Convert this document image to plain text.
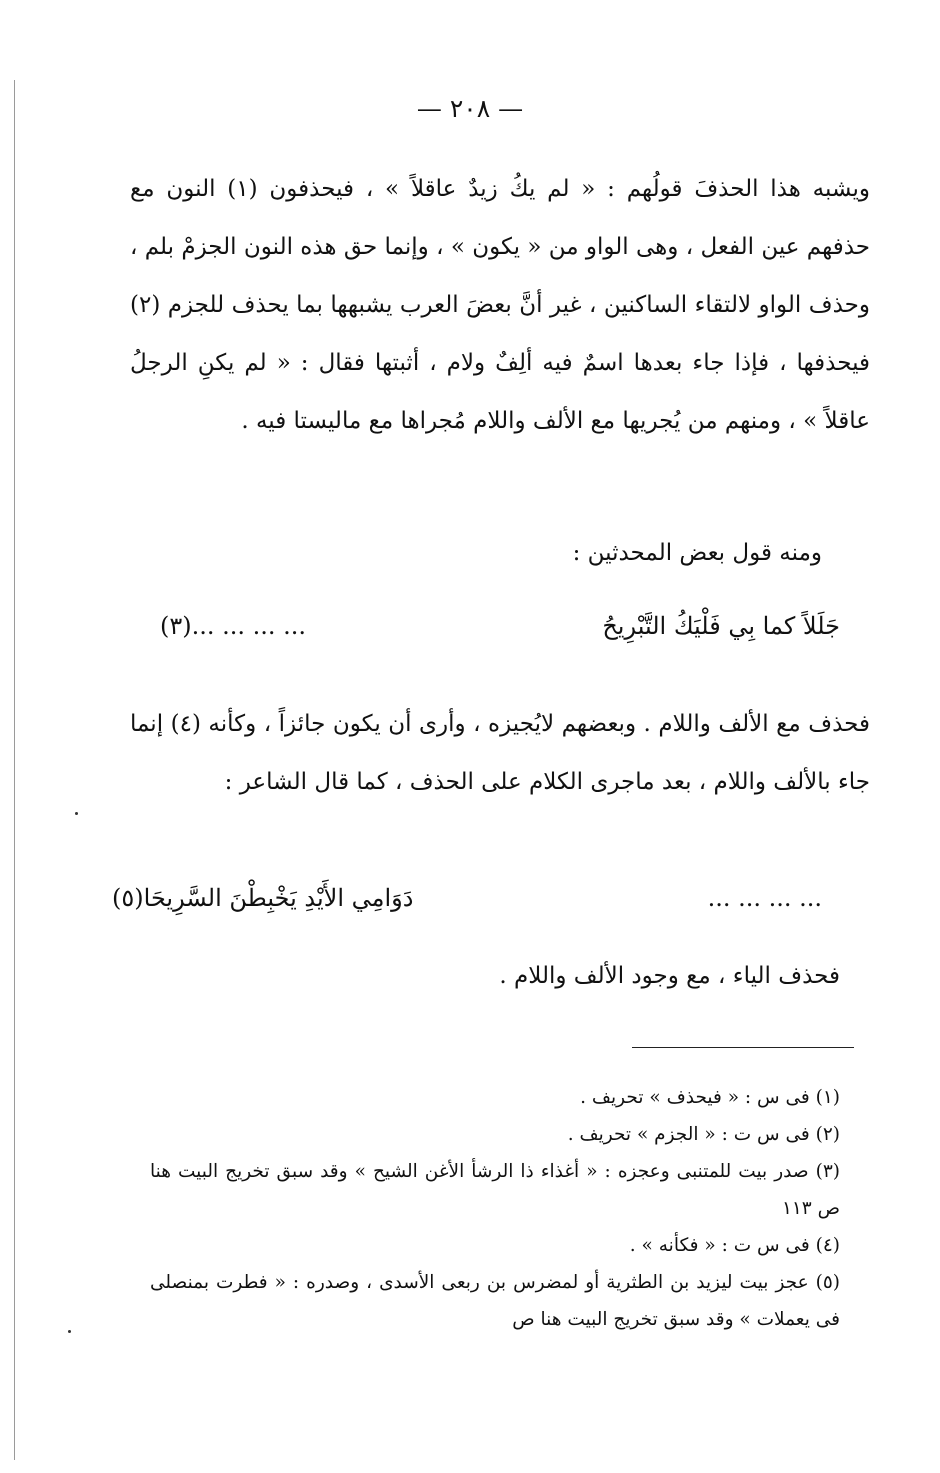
— ٢٠٨ —
ويشبه هذا الحذفَ قولُهم : « لم يكُ زيدٌ عاقلاً » ، فيحذفون (١) النون مع حذفهم عين الفعل ، وهى الواو من « يكون » ، وإنما حق هذه النون الجزمْ بلم ، وحذف الواو لالتقاء الساكنين ، غير أنَّ بعضَ العرب يشبهها بما يحذف للجزم (٢) فيحذفها ، فإذا جاء بعدها اسمٌ فيه ألِفٌ ولام ، أثبتها فقال : « لم يكنِ الرجلُ عاقلاً » ، ومنهم من يُجريها مع الألف واللام مُجراها مع ماليستا فيه .
ومنه قول بعض المحدثين :
جَلَلاً كما بِي فَلْيَكُ التَّبْرِيحُ
... ... ... ...(٣)
فحذف مع الألف واللام . وبعضهم لايُجيزه ، وأرى أن يكون جائزاً ، وكأنه (٤) إنما جاء بالألف واللام ، بعد ماجرى الكلام على الحذف ، كما قال الشاعر :
... ... ... ...
دَوَامِي الأَيْدِ يَخْبِطْنَ السَّرِيحَا(٥)
فحذف الياء ، مع وجود الألف واللام .

(١) فى س : « فيحذف » تحريف .

(٢) فى س ت : « الجزم » تحريف .

(٣) صدر بيت للمتنبى وعجزه : « أغذاء ذا الرشأ الأغن الشيح » وقد سبق تخريج البيت هنا ص ١١٣

(٤) فى س ت : « فكأنه » .

(٥) عجز بيت ليزيد بن الطثرية أو لمضرس بن ربعى الأسدى ، وصدره : « فطرت بمنصلى فى يعملات » وقد سبق تخريج البيت هنا ص
